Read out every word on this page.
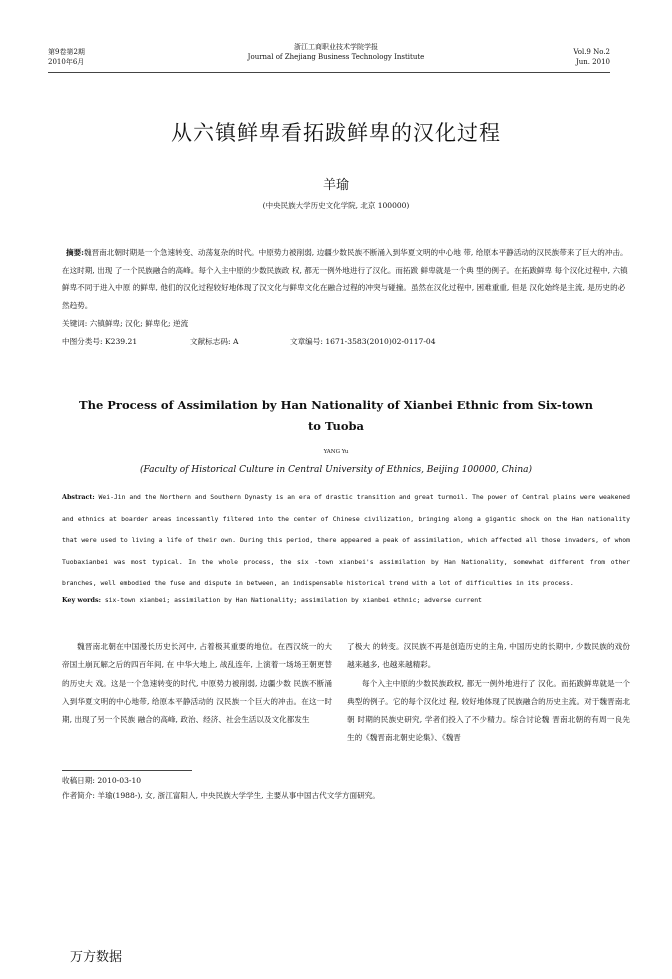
第9卷第2期
2010年6月
浙江工商职业技术学院学报
Journal of Zhejiang Business Technology Institute
Vol.9 No.2
Jun. 2010
从六镇鲜卑看拓跋鲜卑的汉化过程
羊瑜
(中央民族大学历史文化学院, 北京 100000)
摘要:魏晋南北朝时期是一个急速转变、动荡复杂的时代。中原势力被削弱, 边疆少数民族不断涌入到华夏文明的中心地 带, 给原本平静活动的汉民族带来了巨大的冲击。在这时期, 出现 了一个民族融合的高峰。每个入主中原的少数民族政 权, 都无一例外地进行了汉化。而拓跋 鲜卑就是一个典 型的例子。在拓跋鲜卑 每个汉化过程中, 六镇鲜卑不同于进入中原 的鲜卑, 他们的汉化过程较好地体现了汉文化与鲜卑文化在融合过程的冲突与碰撞。虽然在汉化过程中, 困难重重, 但是 汉化始终是主流, 是历史的必然趋势。
关键词: 六镇鲜卑; 汉化; 鲜卑化; 逆流
中图分类号: K239.21	文献标志码: A	文章编号: 1671-3583(2010)02-0117-04
The Process of Assimilation by Han Nationality of Xianbei Ethnic from Six-town
to Tuoba
YANG Yu
(Faculty of Historical Culture in Central University of Ethnics, Beijing 100000, China)
Abstract: Wei-Jin and the Northern and Southern Dynasty is an era of drastic transition and great turmoil. The power of Central plains were weakened and ethnics at boarder areas incessantly filtered into the center of Chinese civilization, bringing along a gigantic shock on the Han nationality that were used to living a life of their own. During this period, there appeared a peak of assimilation, which affected all those invaders, of whom Tuobaxianbei was most typical. In the whole process, the six -town xianbei's assimilation by Han Nationality, somewhat different from other branches, well embodied the fuse and dispute in between, an indispensable historical trend with a lot of difficulties in its process.
Key words: six-town xianbei; assimilation by Han Nationality; assimilation by xianbei ethnic; adverse current
魏晋南北朝在中国漫长历史长河中, 占着极其重要的地位。在西汉统一的大帝国土崩瓦解之后的四百年间, 在 中华大地上, 战乱连年, 上演着一场场王朝更替的历史大 戏。这是一个急速转变的时代, 中原势力被削弱, 边疆少数 民族不断涌入到华夏文明的中心地带, 给原本平静活动的 汉民族一个巨大的冲击。在这一时期, 出现了另一个民族 融合的高峰, 政治、经济、社会生活以及文化都发生

了极大 的转变。汉民族不再是创造历史的主角, 中国历史的长期中, 少数民族的戏份越来越多, 也越来越精彩。

每个入主中原的少数民族政权, 都无一例外地进行了 汉化。而拓跋鲜卑就是一个典型的例子。它的每个汉化过 程, 较好地体现了民族融合的历史主流。对于魏晋南北朝 时期的民族史研究, 学者们投入了不少精力。综合讨论魏 晋南北朝的有周一良先生的《魏晋南北朝史论集》、《魏晋

收稿日期: 2010-03-10
作者简介: 羊瑜(1988-), 女, 浙江富阳人, 中央民族大学学生, 主要从事中国古代文学方面研究。
万方数据
